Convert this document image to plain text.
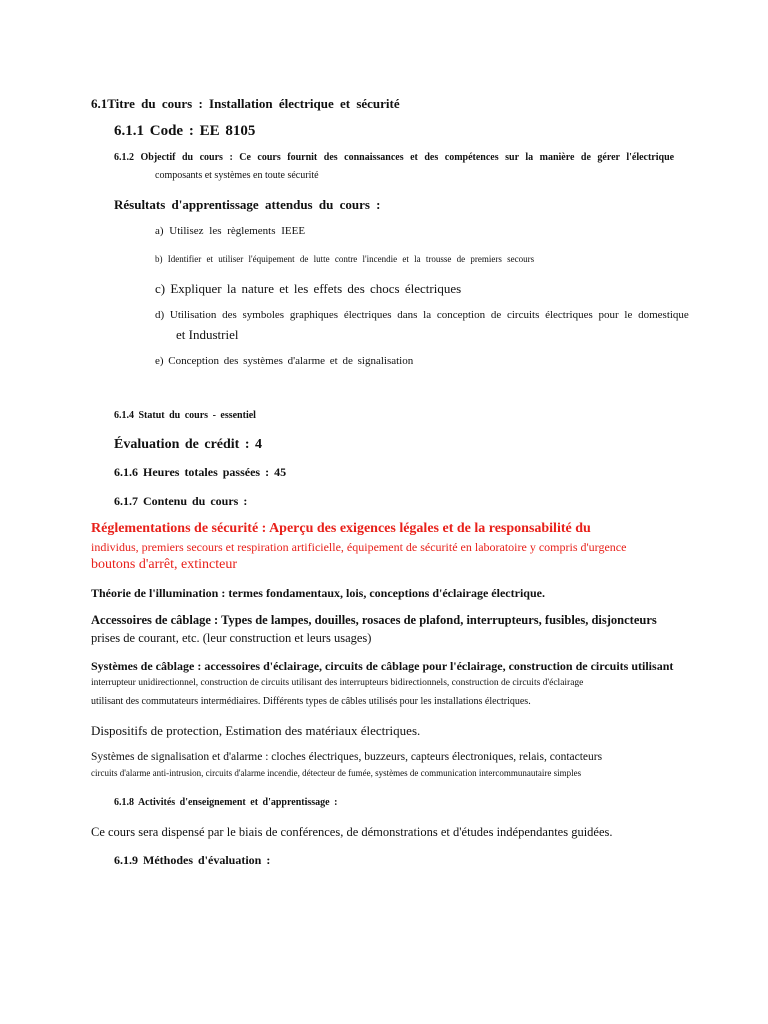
6.1Titre du cours : Installation électrique et sécurité
6.1.1 Code : EE 8105
6.1.2 Objectif du cours : Ce cours fournit des connaissances et des compétences sur la manière de gérer l'électrique
composants et systèmes en toute sécurité
Résultats d'apprentissage attendus du cours :
a) Utilisez les règlements IEEE
b) Identifier et utiliser l'équipement de lutte contre l'incendie et la trousse de premiers secours
c) Expliquer la nature et les effets des chocs électriques
d) Utilisation des symboles graphiques électriques dans la conception de circuits électriques pour le domestique
et Industriel
e) Conception des systèmes d'alarme et de signalisation
6.1.4 Statut du cours - essentiel
Évaluation de crédit : 4
6.1.6 Heures totales passées : 45
6.1.7 Contenu du cours :
Réglementations de sécurité : Aperçu des exigences légales et de la responsabilité du
individus, premiers secours et respiration artificielle, équipement de sécurité en laboratoire y compris d'urgence
boutons d'arrêt, extincteur
Théorie de l'illumination : termes fondamentaux, lois, conceptions d'éclairage électrique.
Accessoires de câblage : Types de lampes, douilles, rosaces de plafond, interrupteurs, fusibles, disjoncteurs
prises de courant, etc. (leur construction et leurs usages)
Systèmes de câblage : accessoires d'éclairage, circuits de câblage pour l'éclairage, construction de circuits utilisant
interrupteur unidirectionnel, construction de circuits utilisant des interrupteurs bidirectionnels, construction de circuits d'éclairage
utilisant des commutateurs intermédiaires. Différents types de câbles utilisés pour les installations électriques.
Dispositifs de protection, Estimation des matériaux électriques.
Systèmes de signalisation et d'alarme : cloches électriques, buzzeurs, capteurs électroniques, relais, contacteurs
circuits d'alarme anti-intrusion, circuits d'alarme incendie, détecteur de fumée, systèmes de communication intercommunautaire simples
6.1.8 Activités d'enseignement et d'apprentissage :
Ce cours sera dispensé par le biais de conférences, de démonstrations et d'études indépendantes guidées.
6.1.9 Méthodes d'évaluation :
